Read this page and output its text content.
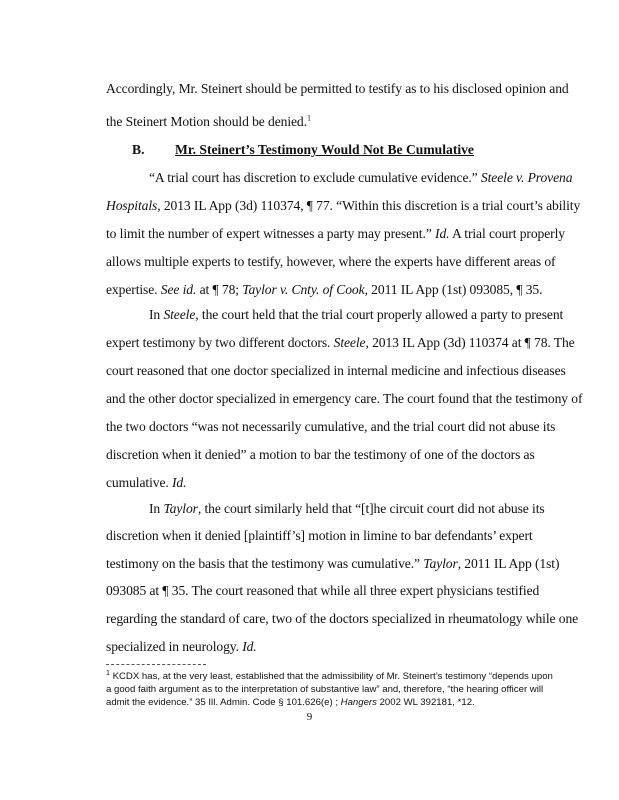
Accordingly, Mr. Steinert should be permitted to testify as to his disclosed opinion and
the Steinert Motion should be denied.$^1$
B. Mr. Steinert’s Testimony Would Not Be Cumulative
“A trial court has discretion to exclude cumulative evidence.” Steele v. Provena
Hospitals, 2013 IL App (3d) 110374, ¶ 77. “Within this discretion is a trial court’s ability
to limit the number of expert witnesses a party may present.” Id. A trial court properly
allows multiple experts to testify, however, where the experts have different areas of
expertise. See id. at ¶ 78; Taylor v. Cnty. of Cook, 2011 IL App (1st) 093085, ¶ 35.
In Steele, the court held that the trial court properly allowed a party to present
expert testimony by two different doctors. Steele, 2013 IL App (3d) 110374 at ¶ 78. The
court reasoned that one doctor specialized in internal medicine and infectious diseases
and the other doctor specialized in emergency care. The court found that the testimony of
the two doctors “was not necessarily cumulative, and the trial court did not abuse its
discretion when it denied” a motion to bar the testimony of one of the doctors as
cumulative. Id.
In Taylor, the court similarly held that “[t]he circuit court did not abuse its
discretion when it denied [plaintiff’s] motion in limine to bar defendants’ expert
testimony on the basis that the testimony was cumulative.” Taylor, 2011 IL App (1st)
093085 at ¶ 35. The court reasoned that while all three expert physicians testified
regarding the standard of care, two of the doctors specialized in rheumatology while one
specialized in neurology. Id.
$^1$ KCDX has, at the very least, established that the admissibility of Mr. Steinert’s testimony “depends upon
a good faith argument as to the interpretation of substantive law” and, therefore, “the hearing officer will
admit the evidence.” 35 Ill. Admin. Code § 101.626(e) ; Hangers 2002 WL 392181, *12.
9
